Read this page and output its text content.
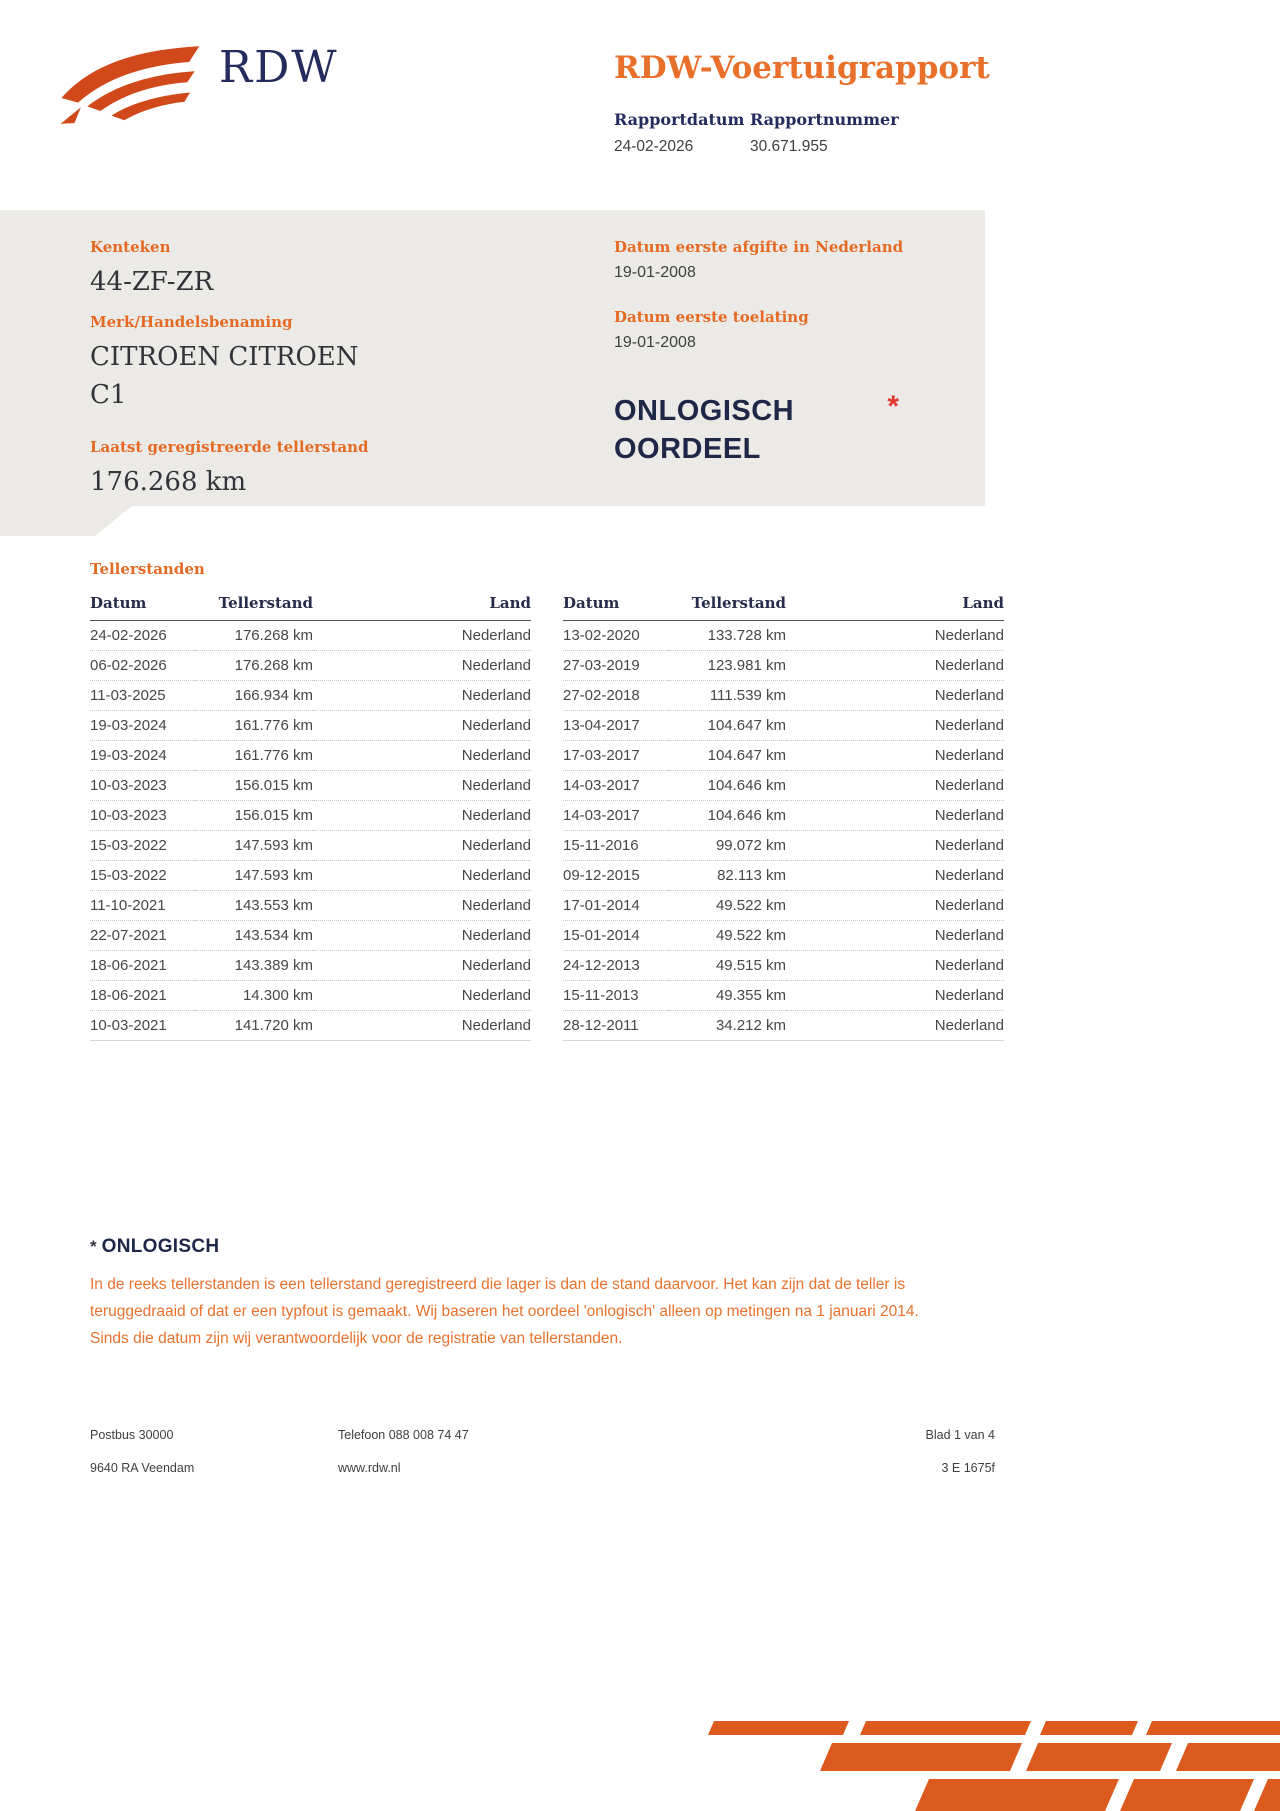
RDW	RDW-Voertuigrapport
Rapportdatum
24-02-2026
Rapportnummer
30.671.955
Kenteken
44-ZF-ZR
Merk/Handelsbenaming
CITROEN CITROEN C1
Laatst geregistreerde tellerstand
176.268 km
Datum eerste afgifte in Nederland
19-01-2008
Datum eerste toelating
19-01-2008
ONLOGISCH OORDEEL
*
Tellerstanden
Datum	Tellerstand	Land
24-02-2026	176.268 km	Nederland
06-02-2026	176.268 km	Nederland
11-03-2025	166.934 km	Nederland
19-03-2024	161.776 km	Nederland
19-03-2024	161.776 km	Nederland
10-03-2023	156.015 km	Nederland
10-03-2023	156.015 km	Nederland
15-03-2022	147.593 km	Nederland
15-03-2022	147.593 km	Nederland
11-10-2021	143.553 km	Nederland
22-07-2021	143.534 km	Nederland
18-06-2021	143.389 km	Nederland
18-06-2021	14.300 km	Nederland
10-03-2021	141.720 km	Nederland
Datum	Tellerstand	Land
13-02-2020	133.728 km	Nederland
27-03-2019	123.981 km	Nederland
27-02-2018	111.539 km	Nederland
13-04-2017	104.647 km	Nederland
17-03-2017	104.647 km	Nederland
14-03-2017	104.646 km	Nederland
14-03-2017	104.646 km	Nederland
15-11-2016	99.072 km	Nederland
09-12-2015	82.113 km	Nederland
17-01-2014	49.522 km	Nederland
15-01-2014	49.522 km	Nederland
24-12-2013	49.515 km	Nederland
15-11-2013	49.355 km	Nederland
28-12-2011	34.212 km	Nederland
* ONLOGISCH
In de reeks tellerstanden is een tellerstand geregistreerd die lager is dan de stand daarvoor. Het kan zijn dat de teller is teruggedraaid of dat er een typfout is gemaakt. Wij baseren het oordeel 'onlogisch' alleen op metingen na 1 januari 2014. Sinds die datum zijn wij verantwoordelijk voor de registratie van tellerstanden.
Postbus 30000
9640 RA Veendam
Telefoon 088 008 74 47
www.rdw.nl
Blad 1 van 4
3 E 1675f
